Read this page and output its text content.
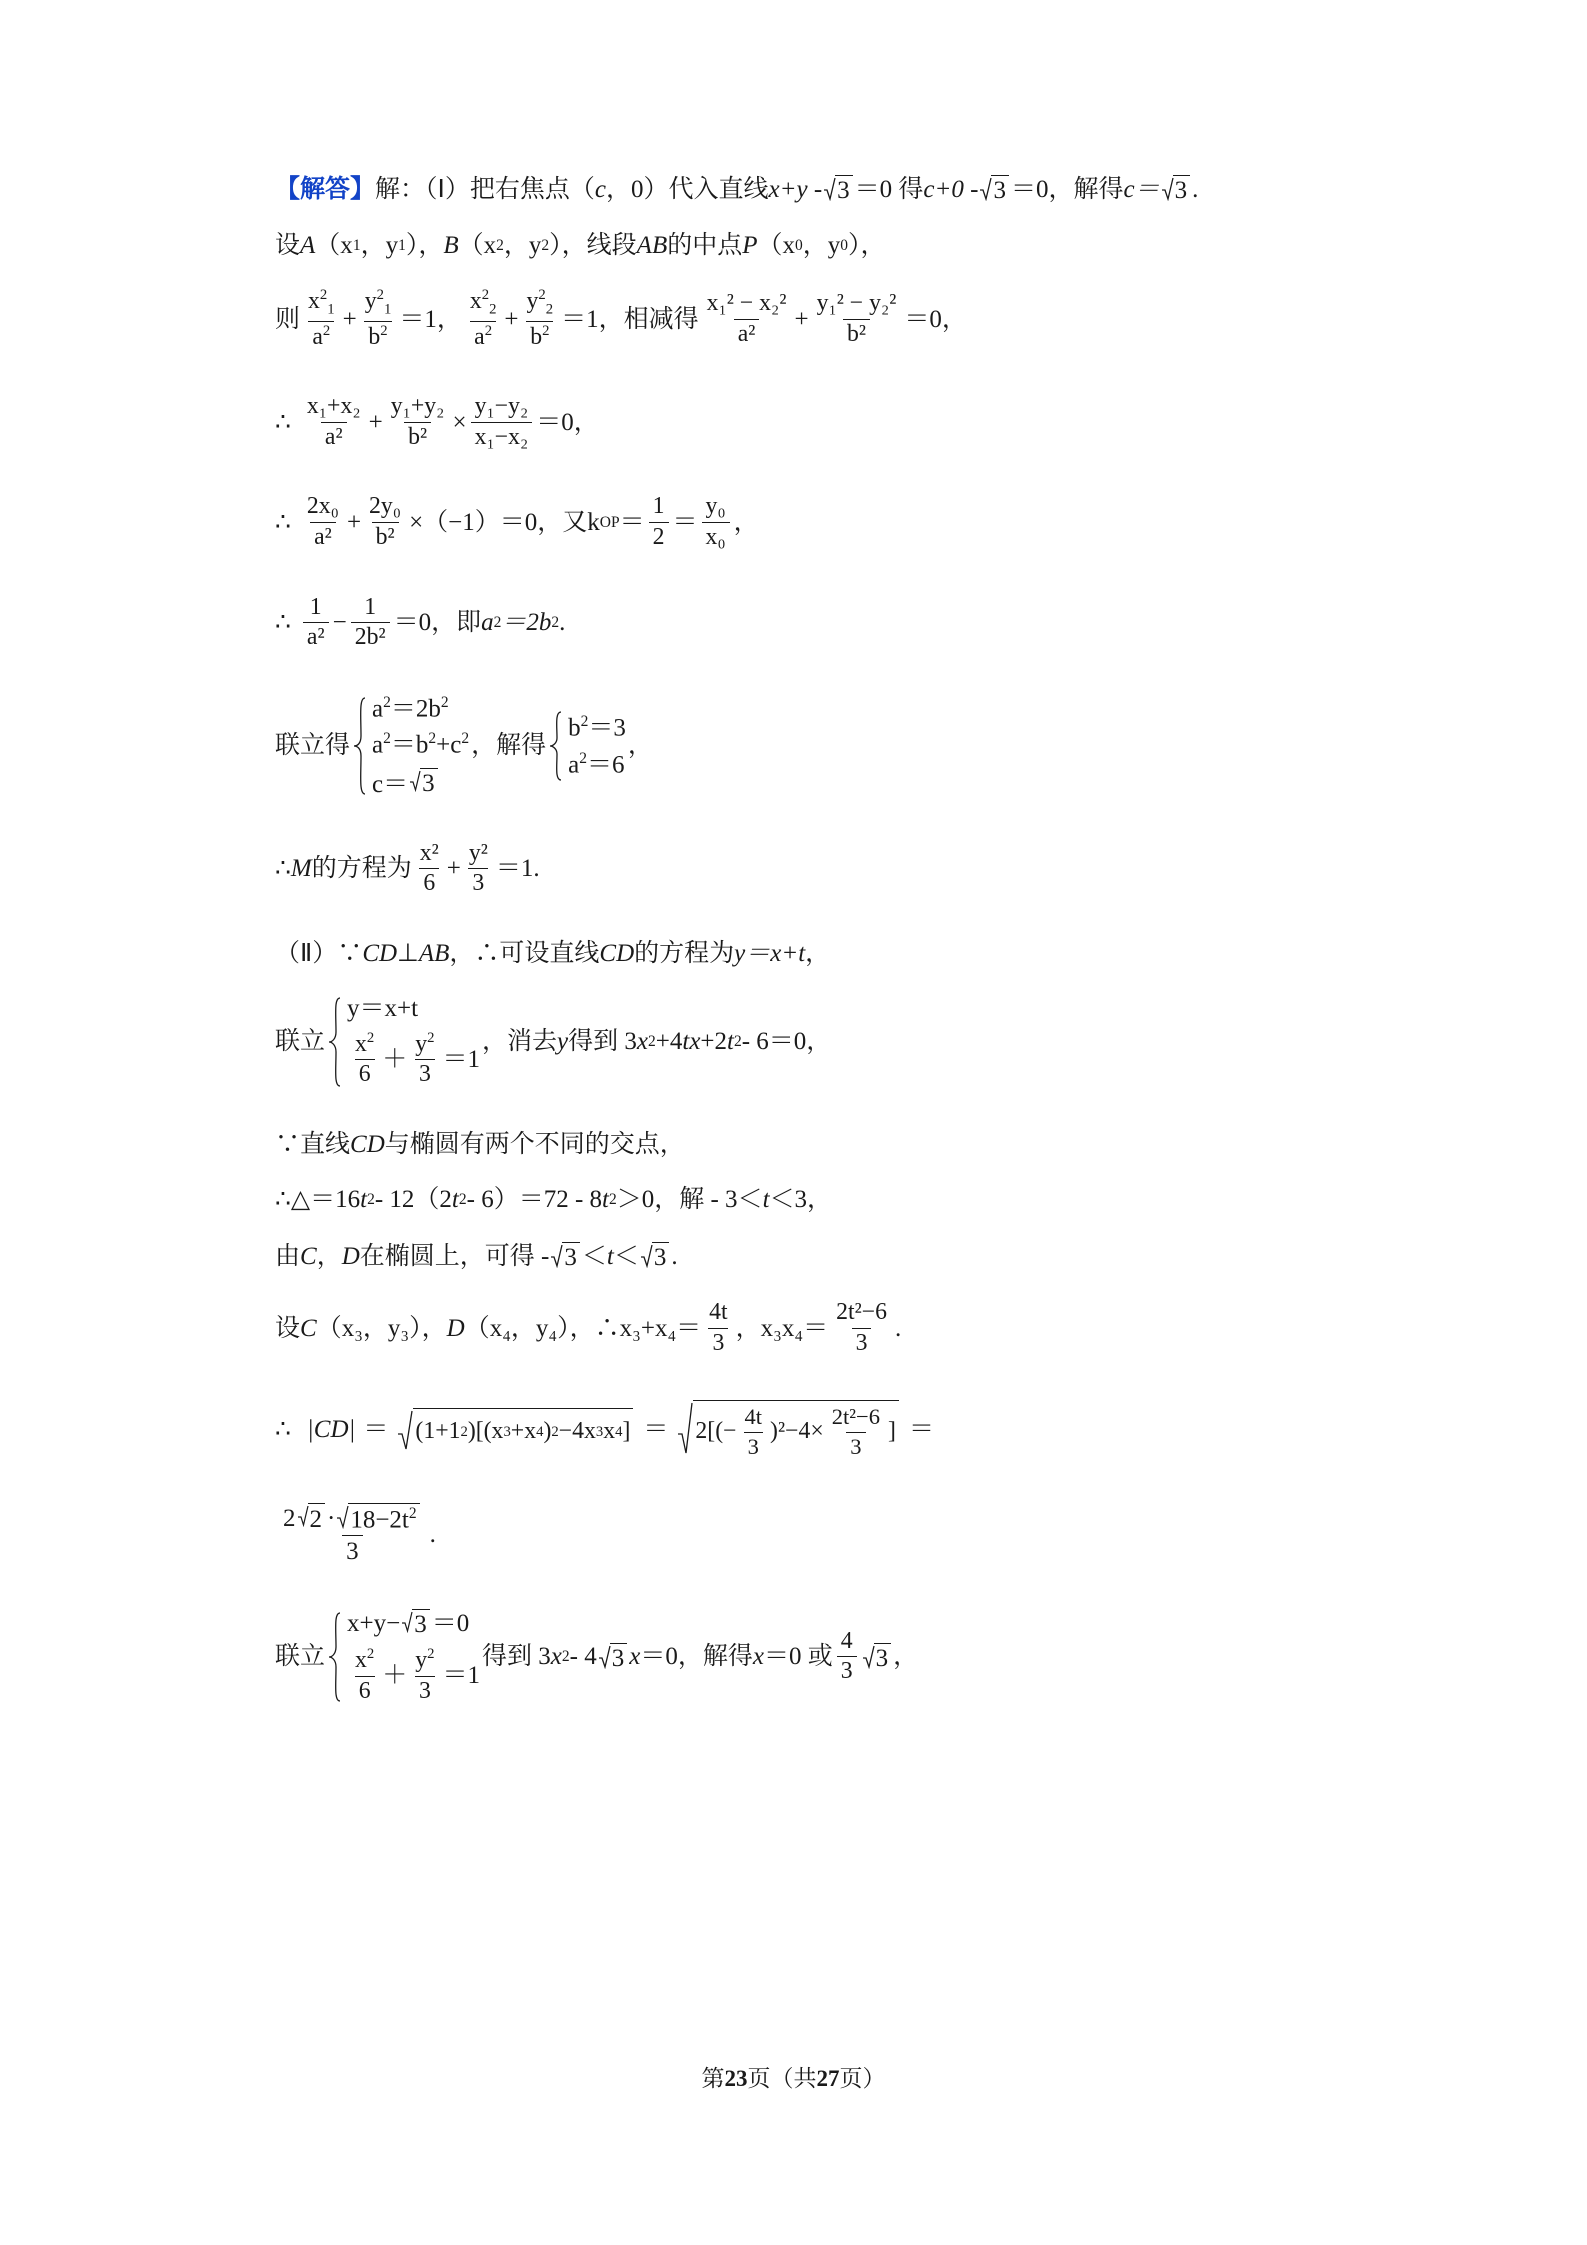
【解答】 解：（Ⅰ）把右焦点（ c ，0）代入直线 x+y - 3 ＝0 得 c+0 - 3 ＝0，解得 c＝ 3 .
设 A （x 1 ，y 1 ）， B （x 2 ，y 2 ），线段 AB 的中点 P （x 0 ，y 0 ），
则 $\frac{x^2_1}{a^2} + \frac{y^2_1}{b^2} =1$， $\frac{x^2_2}{a^2} + \frac{y^2_2}{b^2} =1$，相减得 $\frac{\text{x₁² − x₂²}}{\text{a²}} + \frac{\text{y₁² − y₂²}}{\text{b²}} =0$，
∴ $\frac{\text{x₁+x₂}}{\text{a²}} + \frac{\text{y₁+y₂}}{\text{b²}} \times \frac{\text{y₁−y₂}}{\text{x₁−x₂}} =0$，
∴ $\frac{\text{2x₀}}{\text{a²}} + \frac{\text{2y₀}}{\text{b²}} \times(-1)=0$，又 k OP ＝ $\frac{1}{2} = \frac{\text{y₀}}{\text{x₀}}$ ，
∴ $\frac{1}{\text{a²}} - \frac{1}{\text{2b²}} =0$，即 a 2 ＝2b 2 .
联立得
$a^2=2b^2$
$a^2=b^2+c^2$
c＝ 3
，解得
$b^2=3$
$a^2=6$
，
∴ M 的方程为 $\frac{\text{x²}}{6} + \frac{\text{y²}}{3} =1$.
（Ⅱ）∵ CD ⊥ AB ，∴可设直线 CD 的方程为 y＝x+t ，
联立
y＝x+t
$\frac{x^2}{6} + \frac{y^2}{3} =1$
，消去 y 得到 3 x 2 +4 tx +2 t 2 - 6＝0，
∵直线 CD 与椭圆有两个不同的交点，
∴△＝16 t 2 - 12（2 t 2 - 6）＝72 - 8 t 2 ＞0，解 - 3＜ t ＜3，
由 C ， D 在椭圆上，可得 - 3 ＜ t ＜ 3 .
设 C （x₃，y₃）， D （x₄，y₄），∴ $x_3+x_4= \frac{4t}{3}$ ， $x_3x_4= \frac{\text{2t²−6}}{3}$ .
∴ |CD| ＝ (1+1 2 )[(x 3 +x 4 ) 2 −4x 3 x 4 ] ＝ $2[(- \frac{4t}{3} )^2-4\times \frac{\text{2t²−6}}{3}$ ] ＝
$\frac{2 2 \cdot 18-2t^2}{3}$ .
联立
x+y− 3 ＝0
$\frac{x^2}{6} + \frac{y^2}{3} =1$
得到 3 x 2 - 4 3 x ＝0，解得 x ＝0 或 $\frac{4}{3} 3$ ，
第23页（共27页）
